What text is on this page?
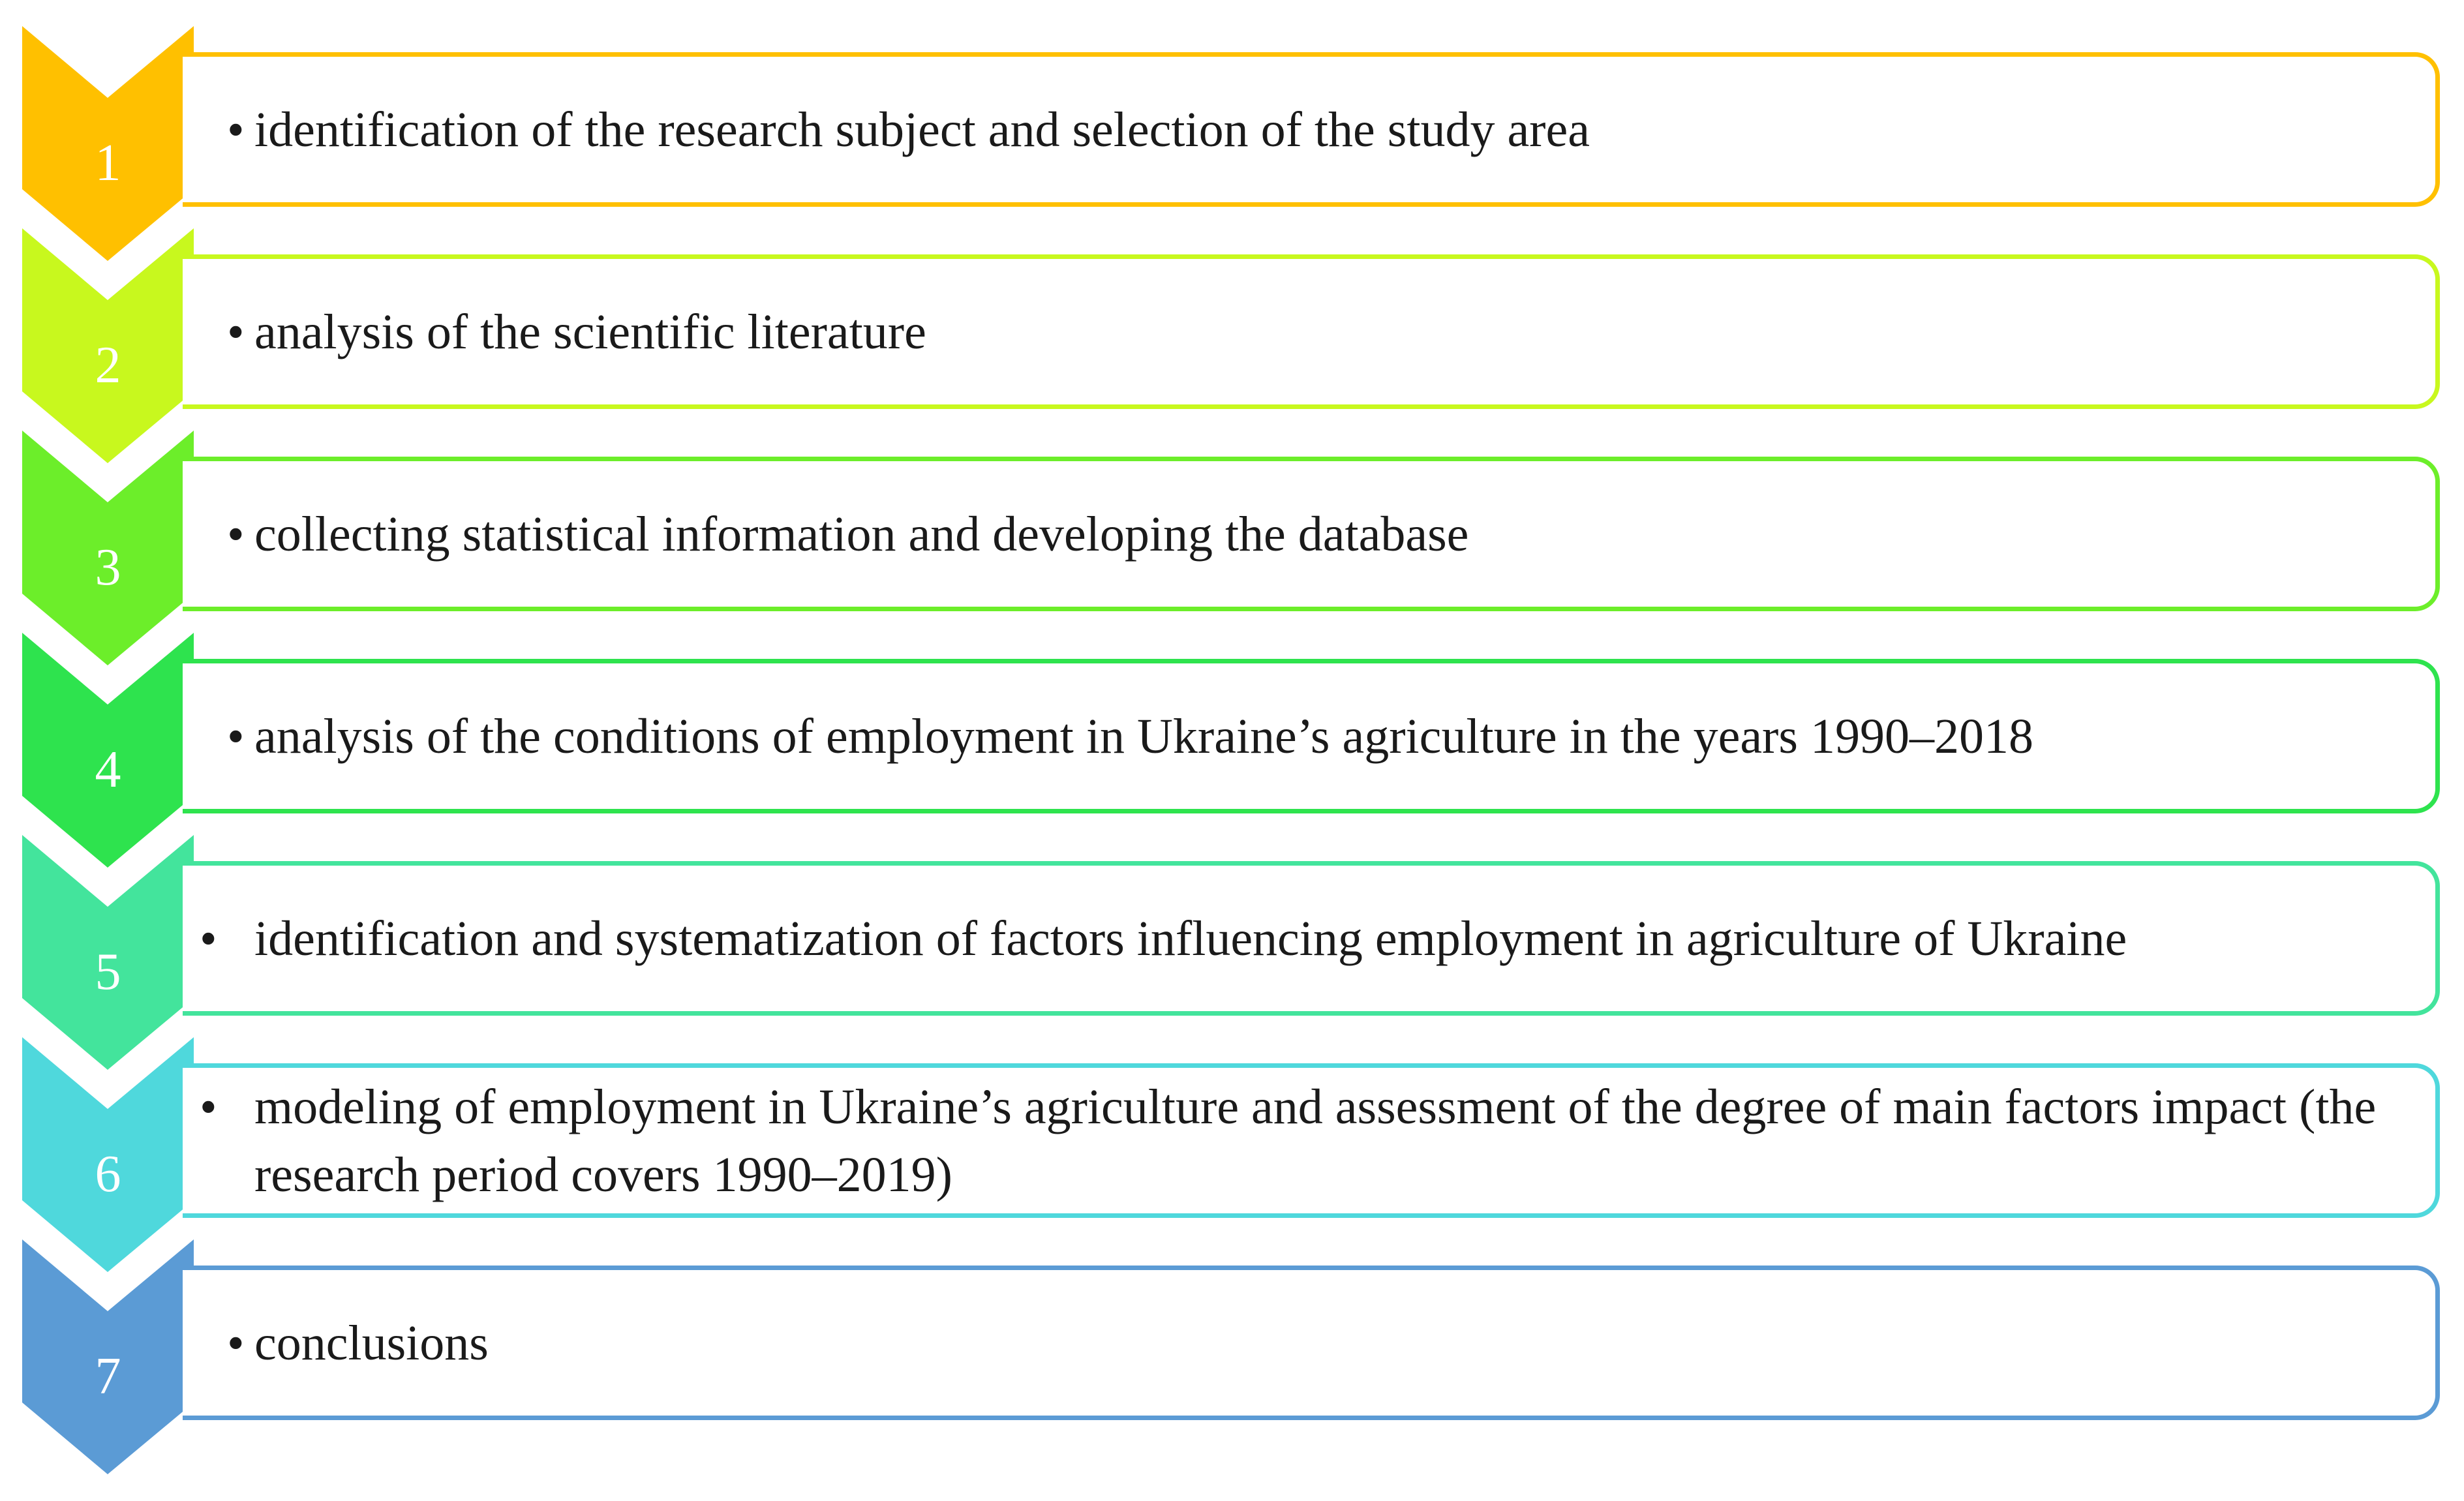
1
• identification of the research subject and selection of the study area
2
• analysis of the scientific literature
3
• collecting statistical information and developing the database
4
• analysis of the conditions of employment in Ukraine’s agriculture in the years 1990–2018
5
• identification and systematization of factors influencing employment in agriculture of Ukraine
6
• modeling of employment in Ukraine’s agriculture and assessment of the degree of main factors impact (the research period covers 1990–2019)
7
• conclusions
